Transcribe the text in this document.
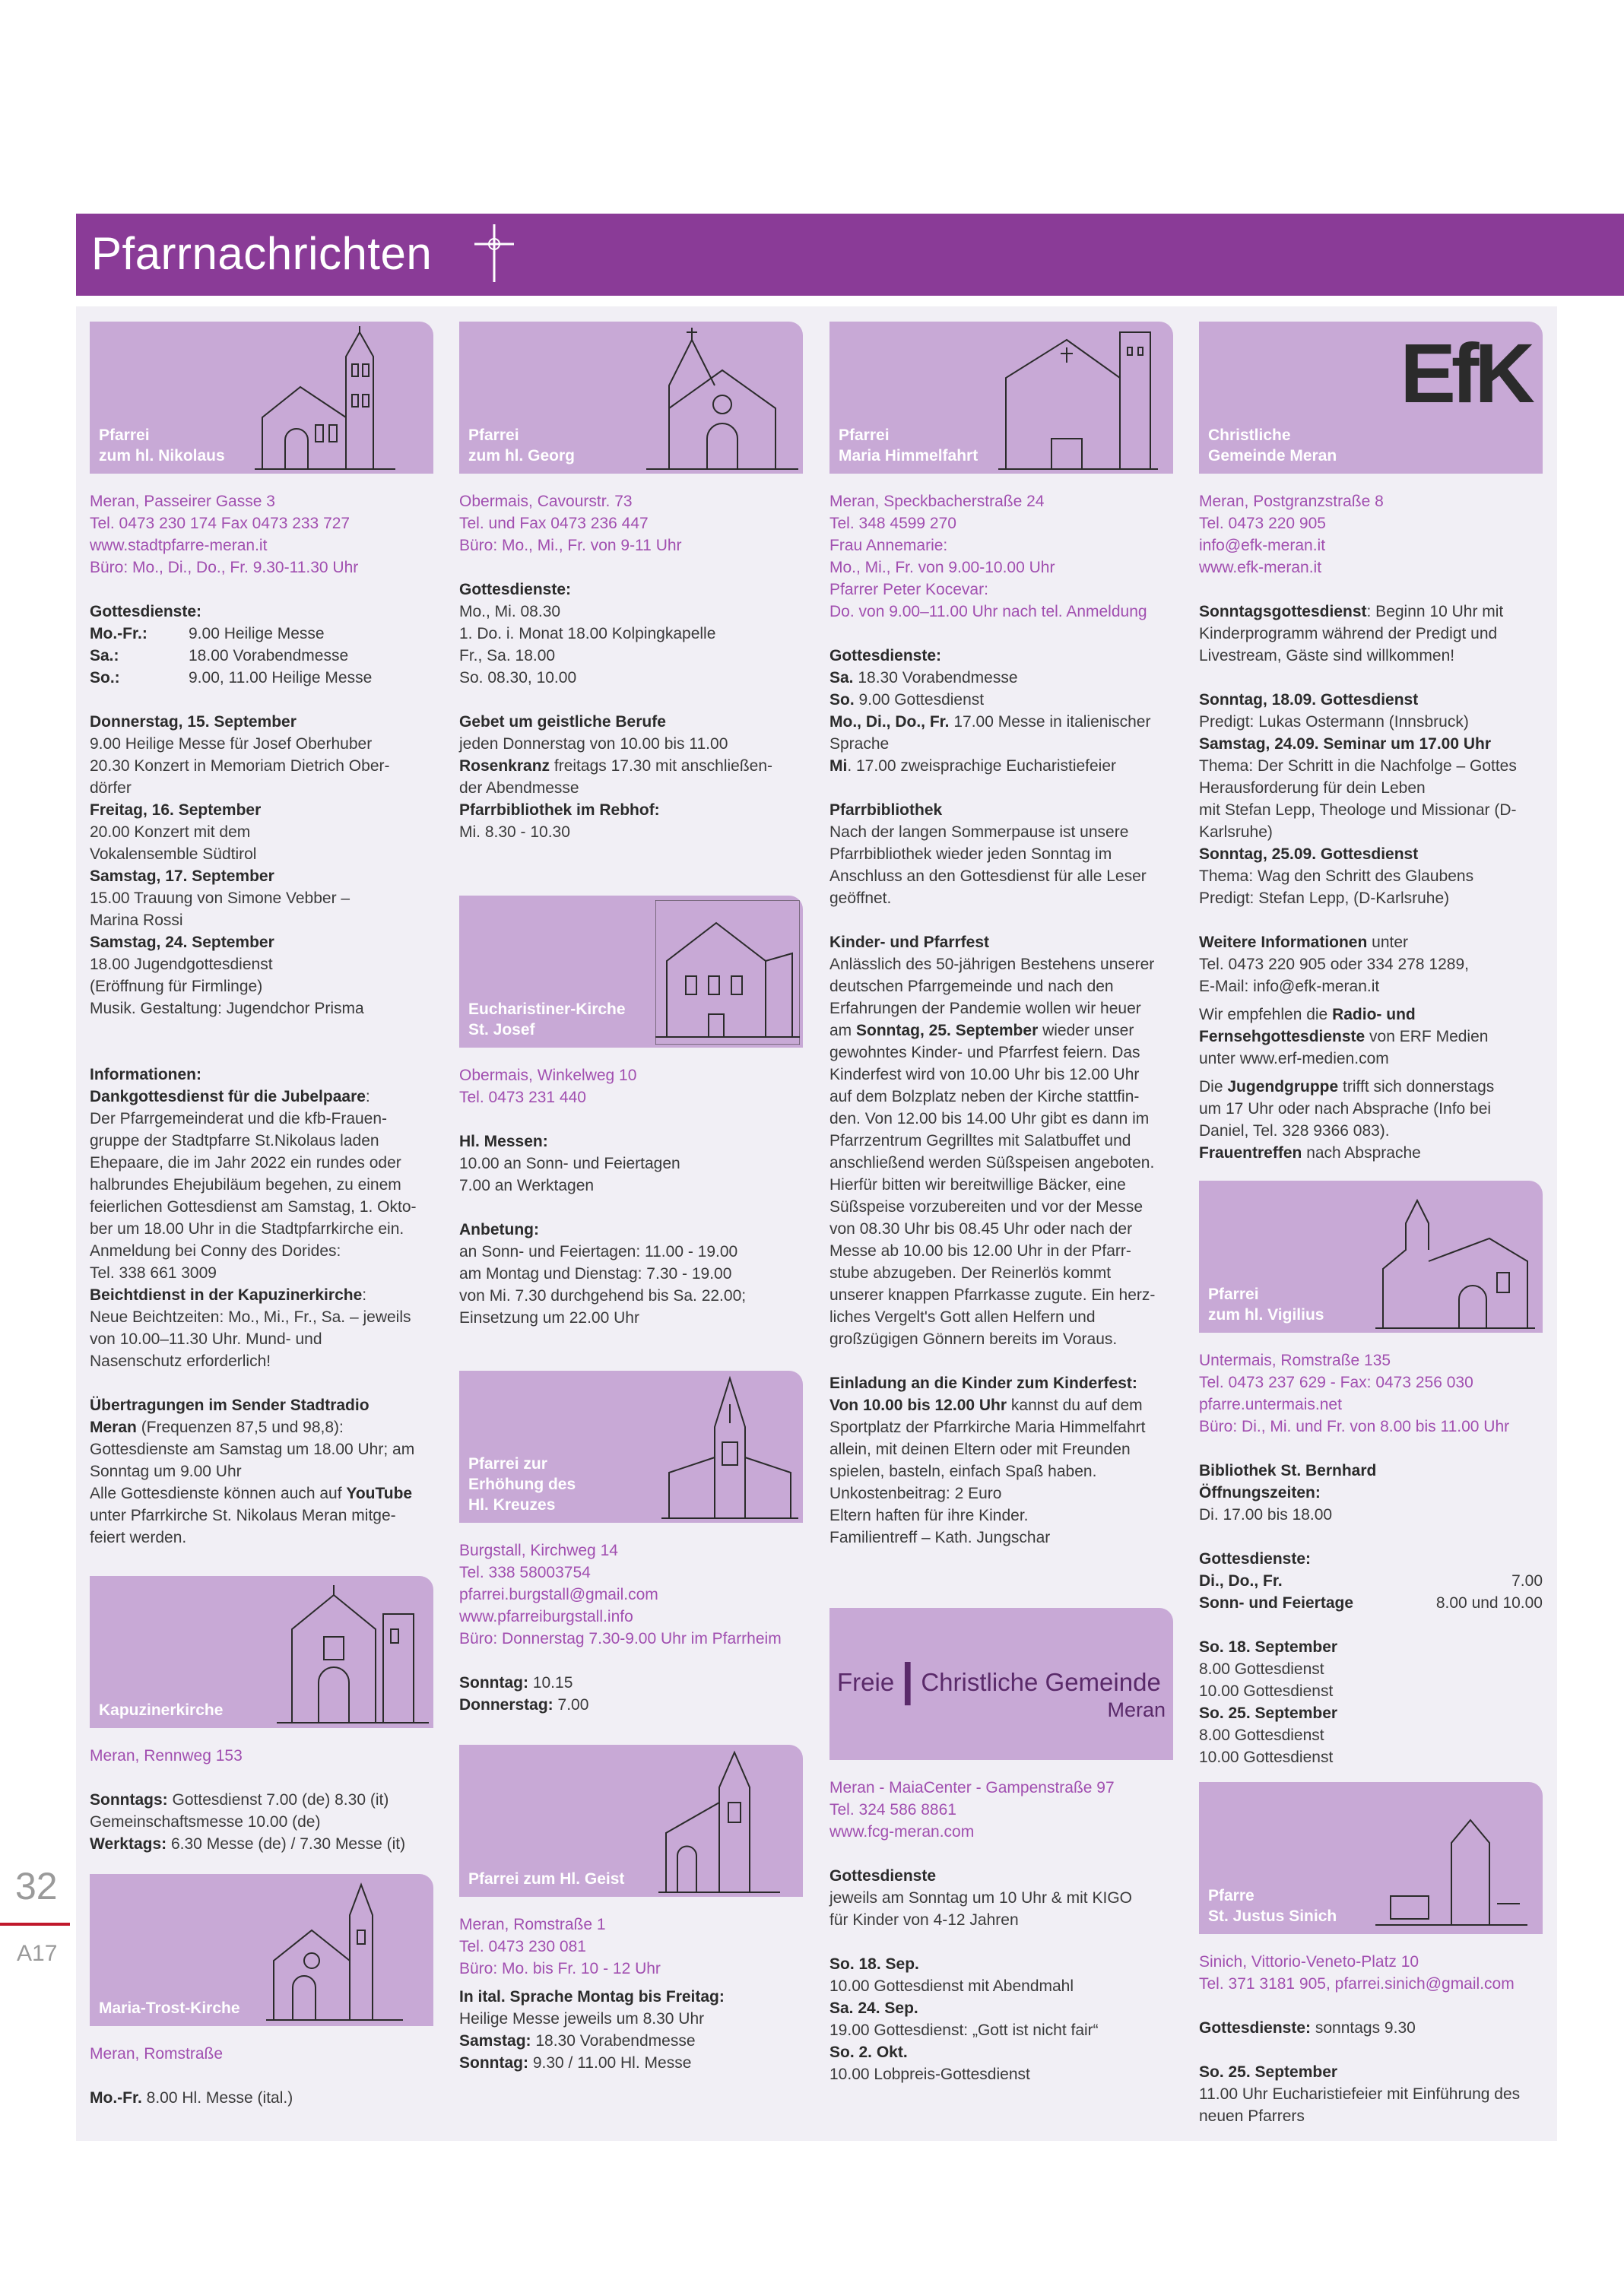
Pfarrnachrichten
32
A17
Pfarrei
zum hl. Nikolaus
Meran, Passeirer Gasse 3
Tel. 0473 230 174 Fax 0473 233 727
www.stadtpfarre-meran.it
Büro: Mo., Di., Do., Fr. 9.30-11.30 Uhr
Gottesdienste:
Mo.-Fr.:	9.00 Heilige Messe
Sa.:	18.00 Vorabendmesse
So.:	9.00, 11.00 Heilige Messe
Donnerstag, 15. September
9.00 Heilige Messe für Josef Oberhuber
20.30 Konzert in Memoriam Dietrich Ober-
dörfer
Freitag, 16. September
20.00 Konzert mit dem
Vokalensemble Südtirol
Samstag, 17. September
15.00 Trauung von Simone Vebber –
Marina Rossi
Samstag, 24. September
18.00 Jugendgottesdienst
(Eröffnung für Firmlinge)
Musik. Gestaltung: Jugendchor Prisma
Informationen:
Dankgottesdienst für die Jubelpaare:
Der Pfarrgemeinderat und die kfb-Frauen-
gruppe der Stadtpfarre St.Nikolaus laden
Ehepaare, die im Jahr 2022 ein rundes oder
halbrundes Ehejubiläum begehen, zu einem
feierlichen Gottesdienst am Samstag, 1. Okto-
ber um 18.00 Uhr in die Stadtpfarrkirche ein.
Anmeldung bei Conny des Dorides:
Tel. 338 661 3009
Beichtdienst in der Kapuzinerkirche:
Neue Beichtzeiten: Mo., Mi., Fr., Sa. – jeweils
von 10.00–11.30 Uhr. Mund- und
Nasenschutz erforderlich!
Übertragungen im Sender Stadtradio
Meran (Frequenzen 87,5 und 98,8):
Gottesdienste am Samstag um 18.00 Uhr; am
Sonntag um 9.00 Uhr
Alle Gottesdienste können auch auf YouTube
unter Pfarrkirche St. Nikolaus Meran mitge-
feiert werden.
Kapuzinerkirche
Meran, Rennweg 153
Sonntags: Gottesdienst 7.00 (de) 8.30 (it)
Gemeinschaftsmesse 10.00 (de)
Werktags: 6.30 Messe (de) / 7.30 Messe (it)
Maria-Trost-Kirche
Meran, Romstraße
Mo.-Fr. 8.00 Hl. Messe (ital.)
Pfarrei
zum hl. Georg
Obermais, Cavourstr. 73
Tel. und Fax 0473 236 447
Büro: Mo., Mi., Fr. von 9-11 Uhr
Gottesdienste:
Mo., Mi. 08.30
1. Do. i. Monat 18.00 Kolpingkapelle
Fr., Sa. 18.00
So. 08.30, 10.00
Gebet um geistliche Berufe
jeden Donnerstag von 10.00 bis 11.00
Rosenkranz freitags 17.30 mit anschließen-
der Abendmesse
Pfarrbibliothek im Rebhof:
Mi. 8.30 - 10.30
Eucharistiner-Kirche
St. Josef
Obermais, Winkelweg 10
Tel. 0473 231 440
Hl. Messen:
10.00 an Sonn- und Feiertagen
7.00 an Werktagen
Anbetung:
an Sonn- und Feiertagen: 11.00 - 19.00
am Montag und Dienstag: 7.30 - 19.00
von Mi. 7.30 durchgehend bis Sa. 22.00;
Einsetzung um 22.00 Uhr
Pfarrei zur
Erhöhung des
Hl. Kreuzes
Burgstall, Kirchweg 14
Tel. 338 58003754
pfarrei.burgstall@gmail.com
www.pfarreiburgstall.info
Büro: Donnerstag 7.30-9.00 Uhr im Pfarrheim
Sonntag: 10.15
Donnerstag: 7.00
Pfarrei zum Hl. Geist
Meran, Romstraße 1
Tel. 0473 230 081
Büro: Mo. bis Fr. 10 - 12 Uhr
In ital. Sprache Montag bis Freitag:
Heilige Messe jeweils um 8.30 Uhr
Samstag: 18.30 Vorabendmesse
Sonntag: 9.30 / 11.00 Hl. Messe
Pfarrei
Maria Himmelfahrt
Meran, Speckbacherstraße 24
Tel. 348 4599 270
Frau Annemarie:
Mo., Mi., Fr. von 9.00-10.00 Uhr
Pfarrer Peter Kocevar:
Do. von 9.00–11.00 Uhr nach tel. Anmeldung
Gottesdienste:
Sa. 18.30 Vorabendmesse
So. 9.00 Gottesdienst
Mo., Di., Do., Fr. 17.00 Messe in italienischer
Sprache
Mi. 17.00 zweisprachige Eucharistiefeier
Pfarrbibliothek
Nach der langen Sommerpause ist unsere
Pfarrbibliothek wieder jeden Sonntag im
Anschluss an den Gottesdienst für alle Leser
geöffnet.
Kinder- und Pfarrfest
Anlässlich des 50-jährigen Bestehens unserer
deutschen Pfarrgemeinde und nach den
Erfahrungen der Pandemie wollen wir heuer
am Sonntag, 25. September wieder unser
gewohntes Kinder- und Pfarrfest feiern. Das
Kinderfest wird von 10.00 Uhr bis 12.00 Uhr
auf dem Bolzplatz neben der Kirche stattfin-
den. Von 12.00 bis 14.00 Uhr gibt es dann im
Pfarrzentrum Gegrilltes mit Salatbuffet und
anschließend werden Süßspeisen angeboten.
Hierfür bitten wir bereitwillige Bäcker, eine
Süßspeise vorzubereiten und vor der Messe
von 08.30 Uhr bis 08.45 Uhr oder nach der
Messe ab 10.00 bis 12.00 Uhr in der Pfarr-
stube abzugeben. Der Reinerlös kommt
unserer knappen Pfarrkasse zugute. Ein herz-
liches Vergelt's Gott allen Helfern und
großzügigen Gönnern bereits im Voraus.
Einladung an die Kinder zum Kinderfest:
Von 10.00 bis 12.00 Uhr kannst du auf dem
Sportplatz der Pfarrkirche Maria Himmelfahrt
allein, mit deinen Eltern oder mit Freunden
spielen, basteln, einfach Spaß haben.
Unkostenbeitrag: 2 Euro
Eltern haften für ihre Kinder.
Familientreff – Kath. Jungschar
Freie | Christliche Gemeinde
Meran
Meran - MaiaCenter - Gampenstraße 97
Tel. 324 586 8861
www.fcg-meran.com
Gottesdienste
jeweils am Sonntag um 10 Uhr & mit KIGO
für Kinder von 4-12 Jahren
So. 18. Sep.
10.00 Gottesdienst mit Abendmahl
Sa. 24. Sep.
19.00 Gottesdienst: „Gott ist nicht fair“
So. 2. Okt.
10.00 Lobpreis-Gottesdienst
EfK
Christliche
Gemeinde Meran
Meran, Postgranzstraße 8
Tel. 0473 220 905
info@efk-meran.it
www.efk-meran.it
Sonntagsgottesdienst: Beginn 10 Uhr mit
Kinderprogramm während der Predigt und
Livestream, Gäste sind willkommen!
Sonntag, 18.09. Gottesdienst
Predigt: Lukas Ostermann (Innsbruck)
Samstag, 24.09. Seminar um 17.00 Uhr
Thema: Der Schritt in die Nachfolge – Gottes
Herausforderung für dein Leben
mit Stefan Lepp, Theologe und Missionar (D-
Karlsruhe)
Sonntag, 25.09. Gottesdienst
Thema: Wag den Schritt des Glaubens
Predigt: Stefan Lepp, (D-Karlsruhe)
Weitere Informationen unter
Tel. 0473 220 905 oder 334 278 1289,
E-Mail: info@efk-meran.it
Wir empfehlen die Radio- und
Fernsehgottesdienste von ERF Medien
unter www.erf-medien.com
Die Jugendgruppe trifft sich donnerstags
um 17 Uhr oder nach Absprache (Info bei
Daniel, Tel. 328 9366 083).
Frauentreffen nach Absprache
Pfarrei
zum hl. Vigilius
Untermais, Romstraße 135
Tel. 0473 237 629 - Fax: 0473 256 030
pfarre.untermais.net
Büro: Di., Mi. und Fr. von 8.00 bis 11.00 Uhr
Bibliothek St. Bernhard
Öffnungszeiten:
Di. 17.00 bis 18.00
Gottesdienste:
Di., Do., Fr.	7.00
Sonn- und Feiertage	8.00 und 10.00
So. 18. September
8.00 Gottesdienst
10.00 Gottesdienst
So. 25. September
8.00 Gottesdienst
10.00 Gottesdienst
Pfarre
St. Justus Sinich
Sinich, Vittorio-Veneto-Platz 10
Tel. 371 3181 905, pfarrei.sinich@gmail.com
Gottesdienste: sonntags 9.30
So. 25. September
11.00 Uhr Eucharistiefeier mit Einführung des
neuen Pfarrers
